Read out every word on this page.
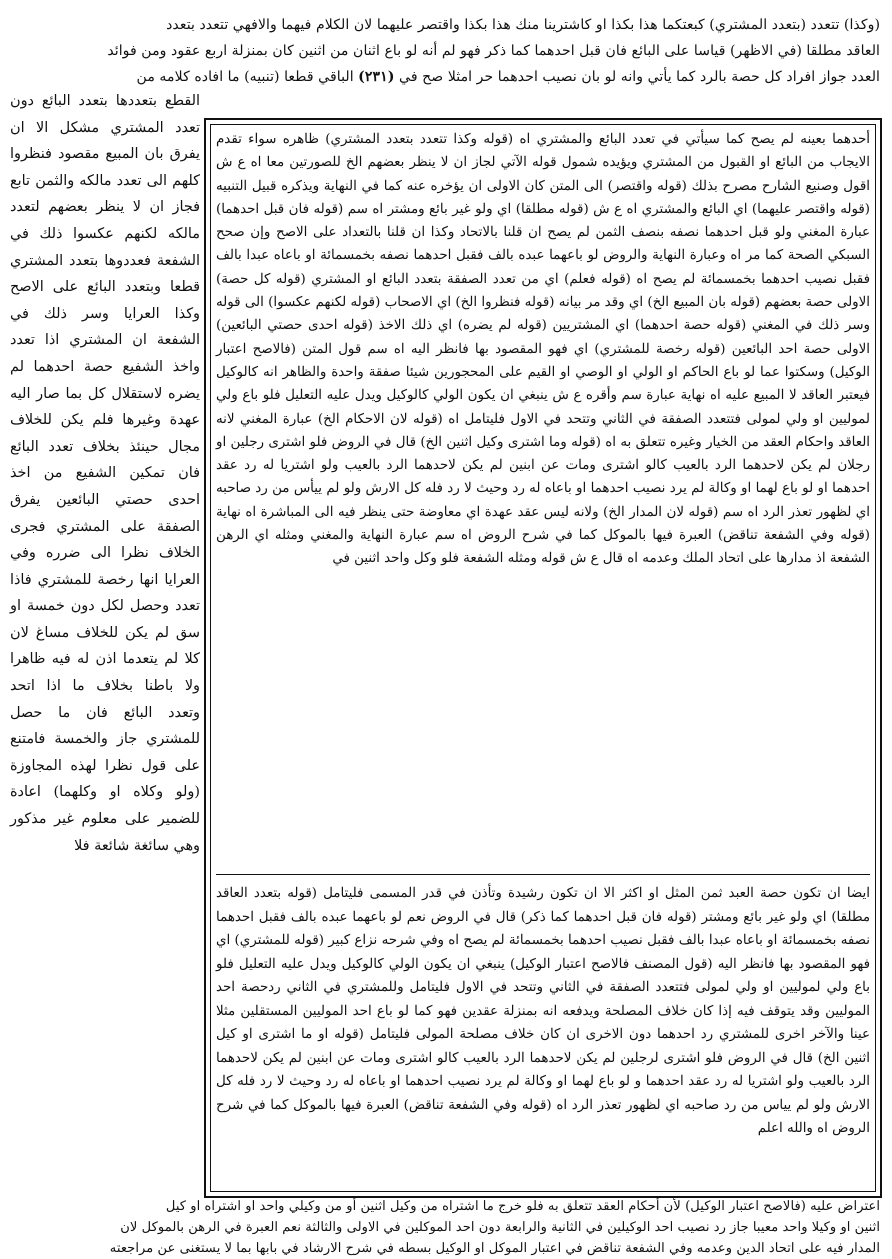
(وكذا) تتعدد (بتعدد المشتري) كبعتكما هذا بكذا او كاشترينا منك هذا بكذا واقتصر عليهما لان الكلام فيهما والافهي تتعدد بتعدد
العاقد مطلقا (في الاظهر) قياسا على البائع فان قبل احدهما كما ذكر فهو لم أنه لو باع اثنان من اثنين كان بمنزلة اربع عقود ومن فوائد
العدد جواز افراد كل حصة بالرد كما يأتي وانه لو بان نصيب احدهما حر امثلا صح في (٢٣١) الباقي قطعا (تنبيه) ما افاده كلامه من
أحدهما بعينه لم يصح كما سيأتي في تعدد البائع والمشتري اه (قوله وكذا تتعدد بتعدد المشتري) ظاهره سواء تقدم الايجاب من البائع او القبول من المشتري ويؤيده شمول قوله الآتي لجاز ان لا ينظر بعضهم الخ للصورتين معا اه ع ش اقول وصنيع الشارح مصرح بذلك (قوله واقتصر) الى المتن كان الاولى ان يؤخره عنه كما في النهاية ويذكره قبيل التنبيه (قوله واقتصر عليهما) اي البائع والمشتري اه ع ش (قوله مطلقا) اي ولو غير بائع ومشتر اه سم (قوله فان قبل احدهما) عبارة المغني ولو قبل احدهما نصفه بنصف الثمن لم يصح ان قلنا بالاتحاد وكذا ان قلنا بالتعداد على الاصح وإن صحح السبكي الصحة كما مر اه وعبارة النهاية والروض لو باعهما عبده بالف فقبل احدهما نصفه بخمسمائة او باعاه عبدا بالف فقبل نصيب احدهما بخمسمائة لم يصح اه (قوله فعلم) اي من تعدد الصفقة بتعدد البائع او المشتري (قوله كل حصة) الاولى حصة بعضهم (قوله بان المبيع الخ) اي وقد مر بيانه (قوله فنظروا الخ) اي الاصحاب (قوله لكنهم عكسوا) الى قوله وسر ذلك في المغني (قوله حصة احدهما) اي المشتريين (قوله لم يضره) اي ذلك الاخذ (قوله احدى حصتي البائعين) الاولى حصة احد البائعين (قوله رخصة للمشتري) اي فهو المقصود بها فانظر اليه اه سم قول المتن (فالاصح اعتبار الوكيل) وسكتوا عما لو باع الحاكم او الولي او الوصي او القيم على المحجورين شيئا صفقة واحدة والظاهر انه كالوكيل فيعتبر العاقد لا المبيع عليه اه نهاية عبارة سم وأقره ع ش ينبغي ان يكون الولي كالوكيل ويدل عليه التعليل فلو باع ولي لموليين او ولي لمولى فتتعدد الصفقة في الثاني وتتحد في الاول فليتامل اه (قوله لان الاحكام الخ) عبارة المغني لانه العاقد واحكام العقد من الخيار وغيره تتعلق به اه (قوله وما اشترى وكيل اثنين الخ) قال في الروض فلو اشترى رجلين او رجلان لم يكن لاحدهما الرد بالعيب كالو اشترى ومات عن ابنين لم يكن لاحدهما الرد بالعيب ولو اشتريا له رد عقد احدهما او لو باع لهما او وكالة لم يرد نصيب احدهما او باعاه له رد وحيث لا رد فله كل الارش ولو لم ييأس من رد صاحبه اي لظهور تعذر الرد اه سم (قوله لان المدار الخ) ولانه ليس عقد عهدة اي معاوضة حتى ينظر فيه الى المباشرة اه نهاية (قوله وفي الشفعة تناقض) العبرة فيها بالموكل كما في شرح الروض اه سم عبارة النهاية والمغني ومثله اي الرهن الشفعة اذ مدارها على اتحاد الملك وعدمه اه قال ع ش قوله ومثله الشفعة فلو وكل واحد اثنين في
ايضا ان تكون حصة العبد ثمن المثل او اكثر الا ان تكون رشيدة وتأذن في قدر المسمى فليتامل (قوله بتعدد العاقد مطلقا) اي ولو غير بائع ومشتر (قوله فان قبل احدهما كما ذكر) قال في الروض نعم لو باعهما عبده بالف فقبل احدهما نصفه بخمسمائة او باعاه عبدا بالف فقبل نصيب احدهما بخمسمائة لم يصح اه وفي شرحه نزاع كبير (قوله للمشتري) اي فهو المقصود بها فانظر اليه (قول المصنف فالاصح اعتبار الوكيل) ينبغي ان يكون الولي كالوكيل ويدل عليه التعليل فلو باع ولي لموليين او ولي لمولى فتتعدد الصفقة في الثاني وتتحد في الاول فليتامل وللمشتري في الثاني ردحصة احد الموليين وقد يتوقف فيه إذا كان خلاف المصلحة ويدفعه انه بمنزلة عقدين فهو كما لو باع احد الموليين المستقلين مثلا عينا والآخر اخرى للمشتري رد احدهما دون الاخرى ان كان خلاف مصلحة المولى فليتامل (قوله او ما اشترى او كيل اثنين الخ) قال في الروض فلو اشترى لرجلين لم يكن لاحدهما الرد بالعيب كالو اشترى ومات عن ابنين لم يكن لاحدهما الرد بالعيب ولو اشتريا له رد عقد احدهما و لو باع لهما او وكالة لم يرد نصيب احدهما او باعاه له رد وحيث لا رد فله كل الارش ولو لم يياس من رد صاحبه اي لظهور تعذر الرد اه (قوله وفي الشفعة تناقض) العبرة فيها بالموكل كما في شرح الروض اه والله اعلم
القطع بتعددها بتعدد البائع دون تعدد المشتري مشكل الا ان يفرق بان المبيع مقصود فنظروا كلهم الى تعدد مالكه والثمن تابع فجاز ان لا ينظر بعضهم لتعدد مالكه لكنهم عكسوا ذلك في الشفعة فعددوها بتعدد المشتري قطعا وبتعدد البائع على الاصح وكذا العرايا وسر ذلك في الشفعة ان المشتري اذا تعدد واخذ الشفيع حصة احدهما لم يضره لاستقلال كل بما صار اليه عهدة وغيرها فلم يكن للخلاف مجال حينئذ بخلاف تعدد البائع فان تمكين الشفيع من اخذ احدى حصتي البائعين يفرق الصفقة على المشتري فجرى الخلاف نظرا الى ضرره وفي العرايا انها رخصة للمشتري فاذا تعدد وحصل لكل دون خمسة او سق لم يكن للخلاف مساغ لان كلا لم يتعدما اذن له فيه ظاهرا ولا باطنا بخلاف ما اذا اتحد وتعدد البائع فان ما حصل للمشتري جاز والخمسة فامتنع على قول نظرا لهذه المجاوزة (ولو وكلاه او وكلهما) اعادة للضمير على معلوم غير مذكور وهي سائغة شائعة فلا
اعتراض عليه (فالاصح اعتبار الوكيل) لأن أحكام العقد تتعلق به فلو خرج ما اشتراه من وكيل اثنين أو من وكيلي واحد او اشتراه او كيل
اثنين او وكيلا واحد معيبا جاز رد نصيب احد الوكيلين في الثانية والرابعة دون احد الموكلين في الاولى والثالثة نعم العبرة في الرهن بالموكل لان
المدار فيه على اتحاد الدين وعدمه وفي الشفعة تناقض في اعتبار الموكل او الوكيل بسطه في شرح الارشاد في بابها بما لا يستغنى عن مراجعته
